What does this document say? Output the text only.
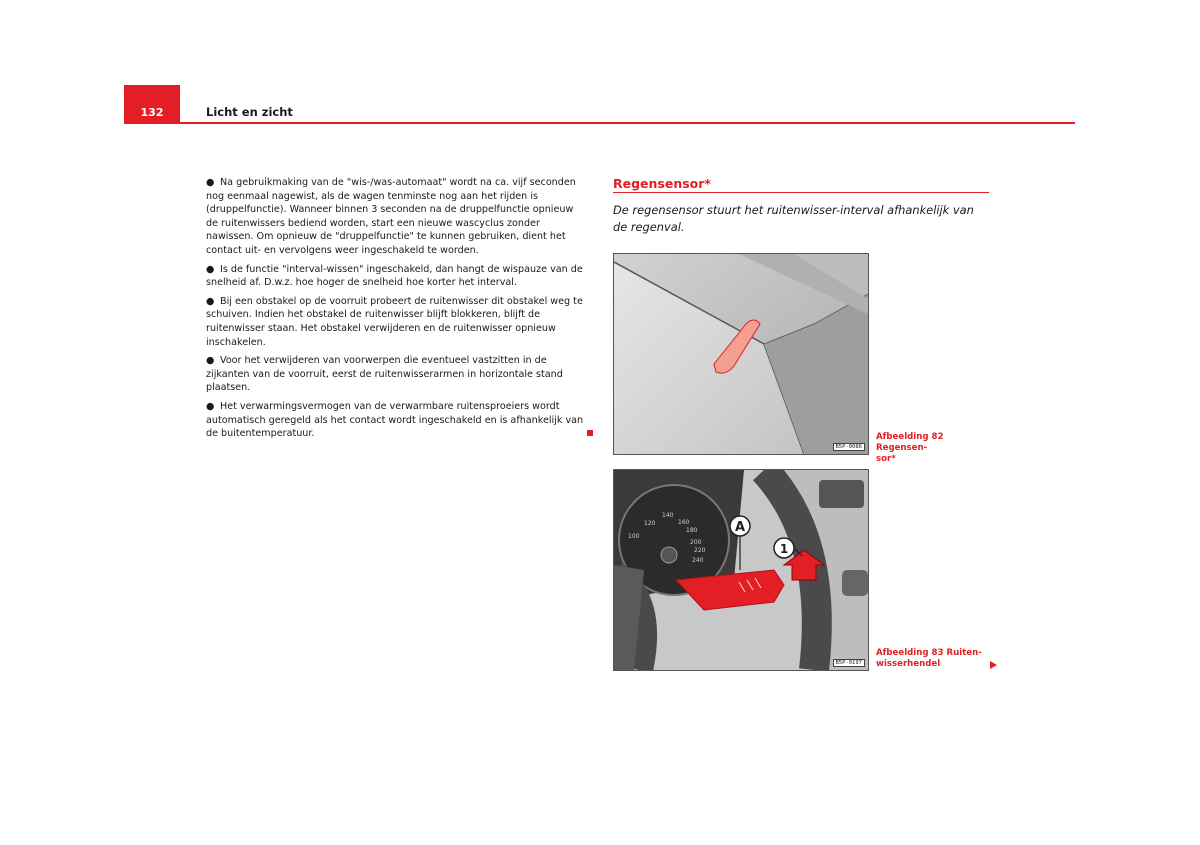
132	Licht en zicht

● Na gebruikmaking van de "wis-/was-automaat" wordt na ca. vijf seconden nog eenmaal nagewist, als de wagen tenminste nog aan het rijden is (druppelfunctie). Wanneer binnen 3 seconden na de druppelfunctie opnieuw de ruitenwissers bediend worden, start een nieuwe wascyclus zonder nawissen. Om opnieuw de "druppelfunctie" te kunnen gebruiken, dient het contact uit- en vervolgens weer ingeschakeld te worden.

● Is de functie "interval-wissen" ingeschakeld, dan hangt de wispauze van de snelheid af. D.w.z. hoe hoger de snelheid hoe korter het interval.

● Bij een obstakel op de voorruit probeert de ruitenwisser dit obstakel weg te schuiven. Indien het obstakel de ruitenwisser blijft blokkeren, blijft de ruitenwisser staan. Het obstakel verwijderen en de ruitenwisser opnieuw inschakelen.

● Voor het verwijderen van voorwerpen die eventueel vastzitten in de zijkanten van de voorruit, eerst de ruitenwisserarmen in horizontale stand plaatsen.

● Het verwarmingsvermogen van de verwarmbare ruitensproeiers wordt automatisch geregeld als het contact wordt ingeschakeld en is afhankelijk van de buitentemperatuur.

Regensensor*
De regensensor stuurt het ruitenwisser-interval afhankelijk van de regenval.
B5P-0086
Afbeelding 82 Regensen-
sor*
100
120
140
160
180
200
220
240
A
1
B5P-0197
Afbeelding 83 Ruiten-
wisserhendel
